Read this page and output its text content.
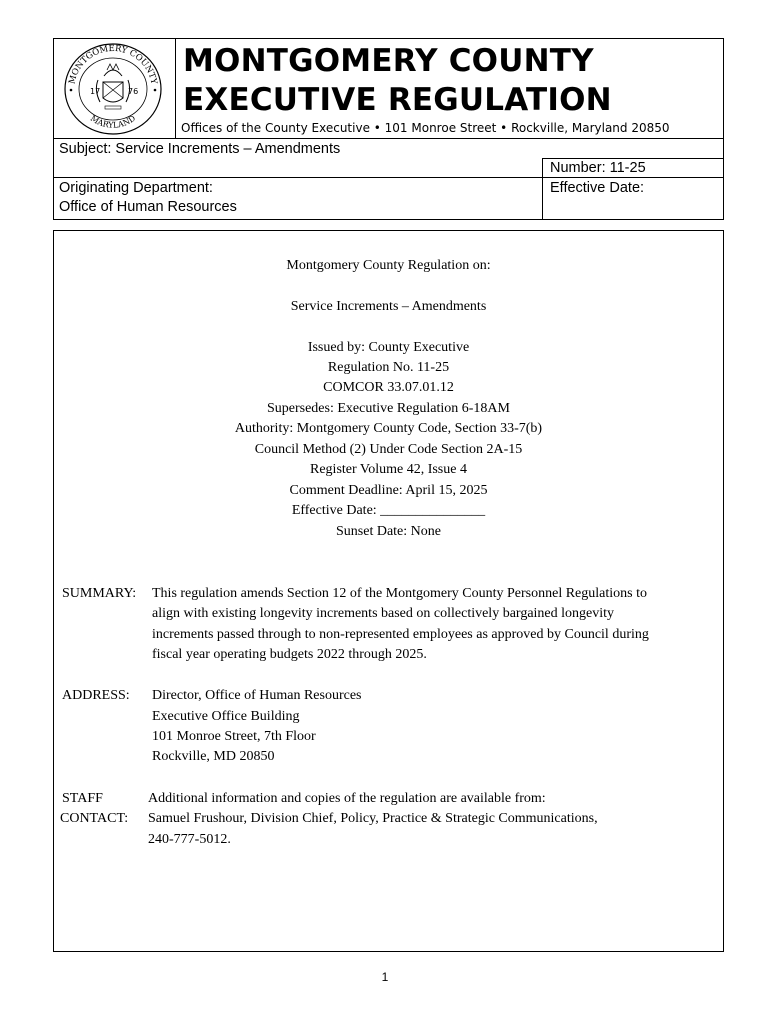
MONTGOMERY COUNTY
MARYLAND
17	76
MONTGOMERY COUNTY
EXECUTIVE REGULATION
Offices of the County Executive • 101 Monroe Street • Rockville, Maryland 20850
Subject: Service Increments – Amendments
Number: 11-25
Originating Department:
Office of Human Resources
Effective Date:
Montgomery County Regulation on:
Service Increments – Amendments
Issued by: County Executive
Regulation No. 11-25
COMCOR 33.07.01.12
Supersedes: Executive Regulation 6-18AM
Authority: Montgomery County Code, Section 33-7(b)
Council Method (2) Under Code Section 2A-15
Register Volume 42, Issue 4
Comment Deadline: April 15, 2025
Effective Date: _______________
Sunset Date: None
SUMMARY: This regulation amends Section 12 of the Montgomery County Personnel Regulations to
align with existing longevity increments based on collectively bargained longevity
increments passed through to non-represented employees as approved by Council during
fiscal year operating budgets 2022 through 2025.
ADDRESS: Director, Office of Human Resources
Executive Office Building
101 Monroe Street, 7th Floor
Rockville, MD 20850
STAFF
CONTACT:
Additional information and copies of the regulation are available from:
Samuel Frushour, Division Chief, Policy, Practice & Strategic Communications,
240-777-5012.
1
